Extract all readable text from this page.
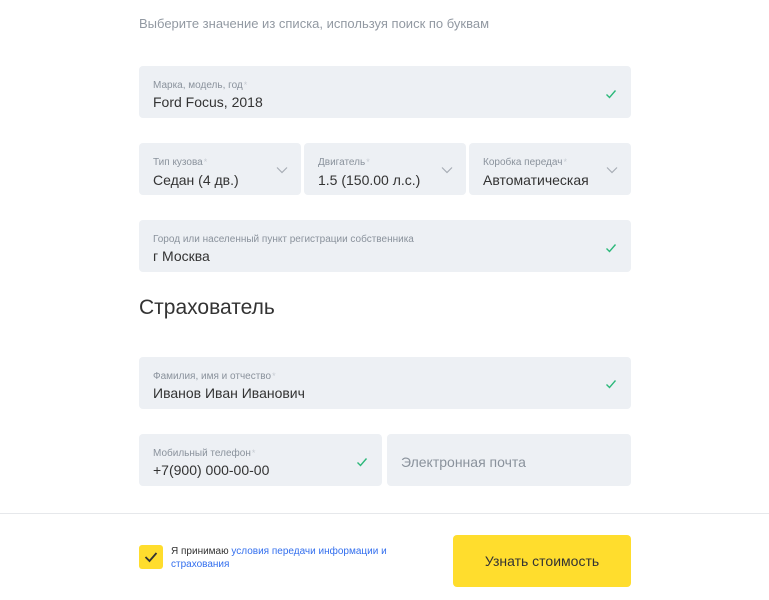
Выберите значение из списка, используя поиск по буквам
Марка, модель, год*
Ford Focus, 2018
Тип кузова*
Седан (4 дв.)
Двигатель*
1.5 (150.00 л.с.)
Коробка передач*
Автоматическая
Город или населенный пункт регистрации собственника
г Москва
Страхователь
Фамилия, имя и отчество*
Иванов Иван Иванович
Мобильный телефон*
+7(900) 000-00-00	Электронная почта
Я принимаю условия передачи информации и страхования	Узнать стоимость
